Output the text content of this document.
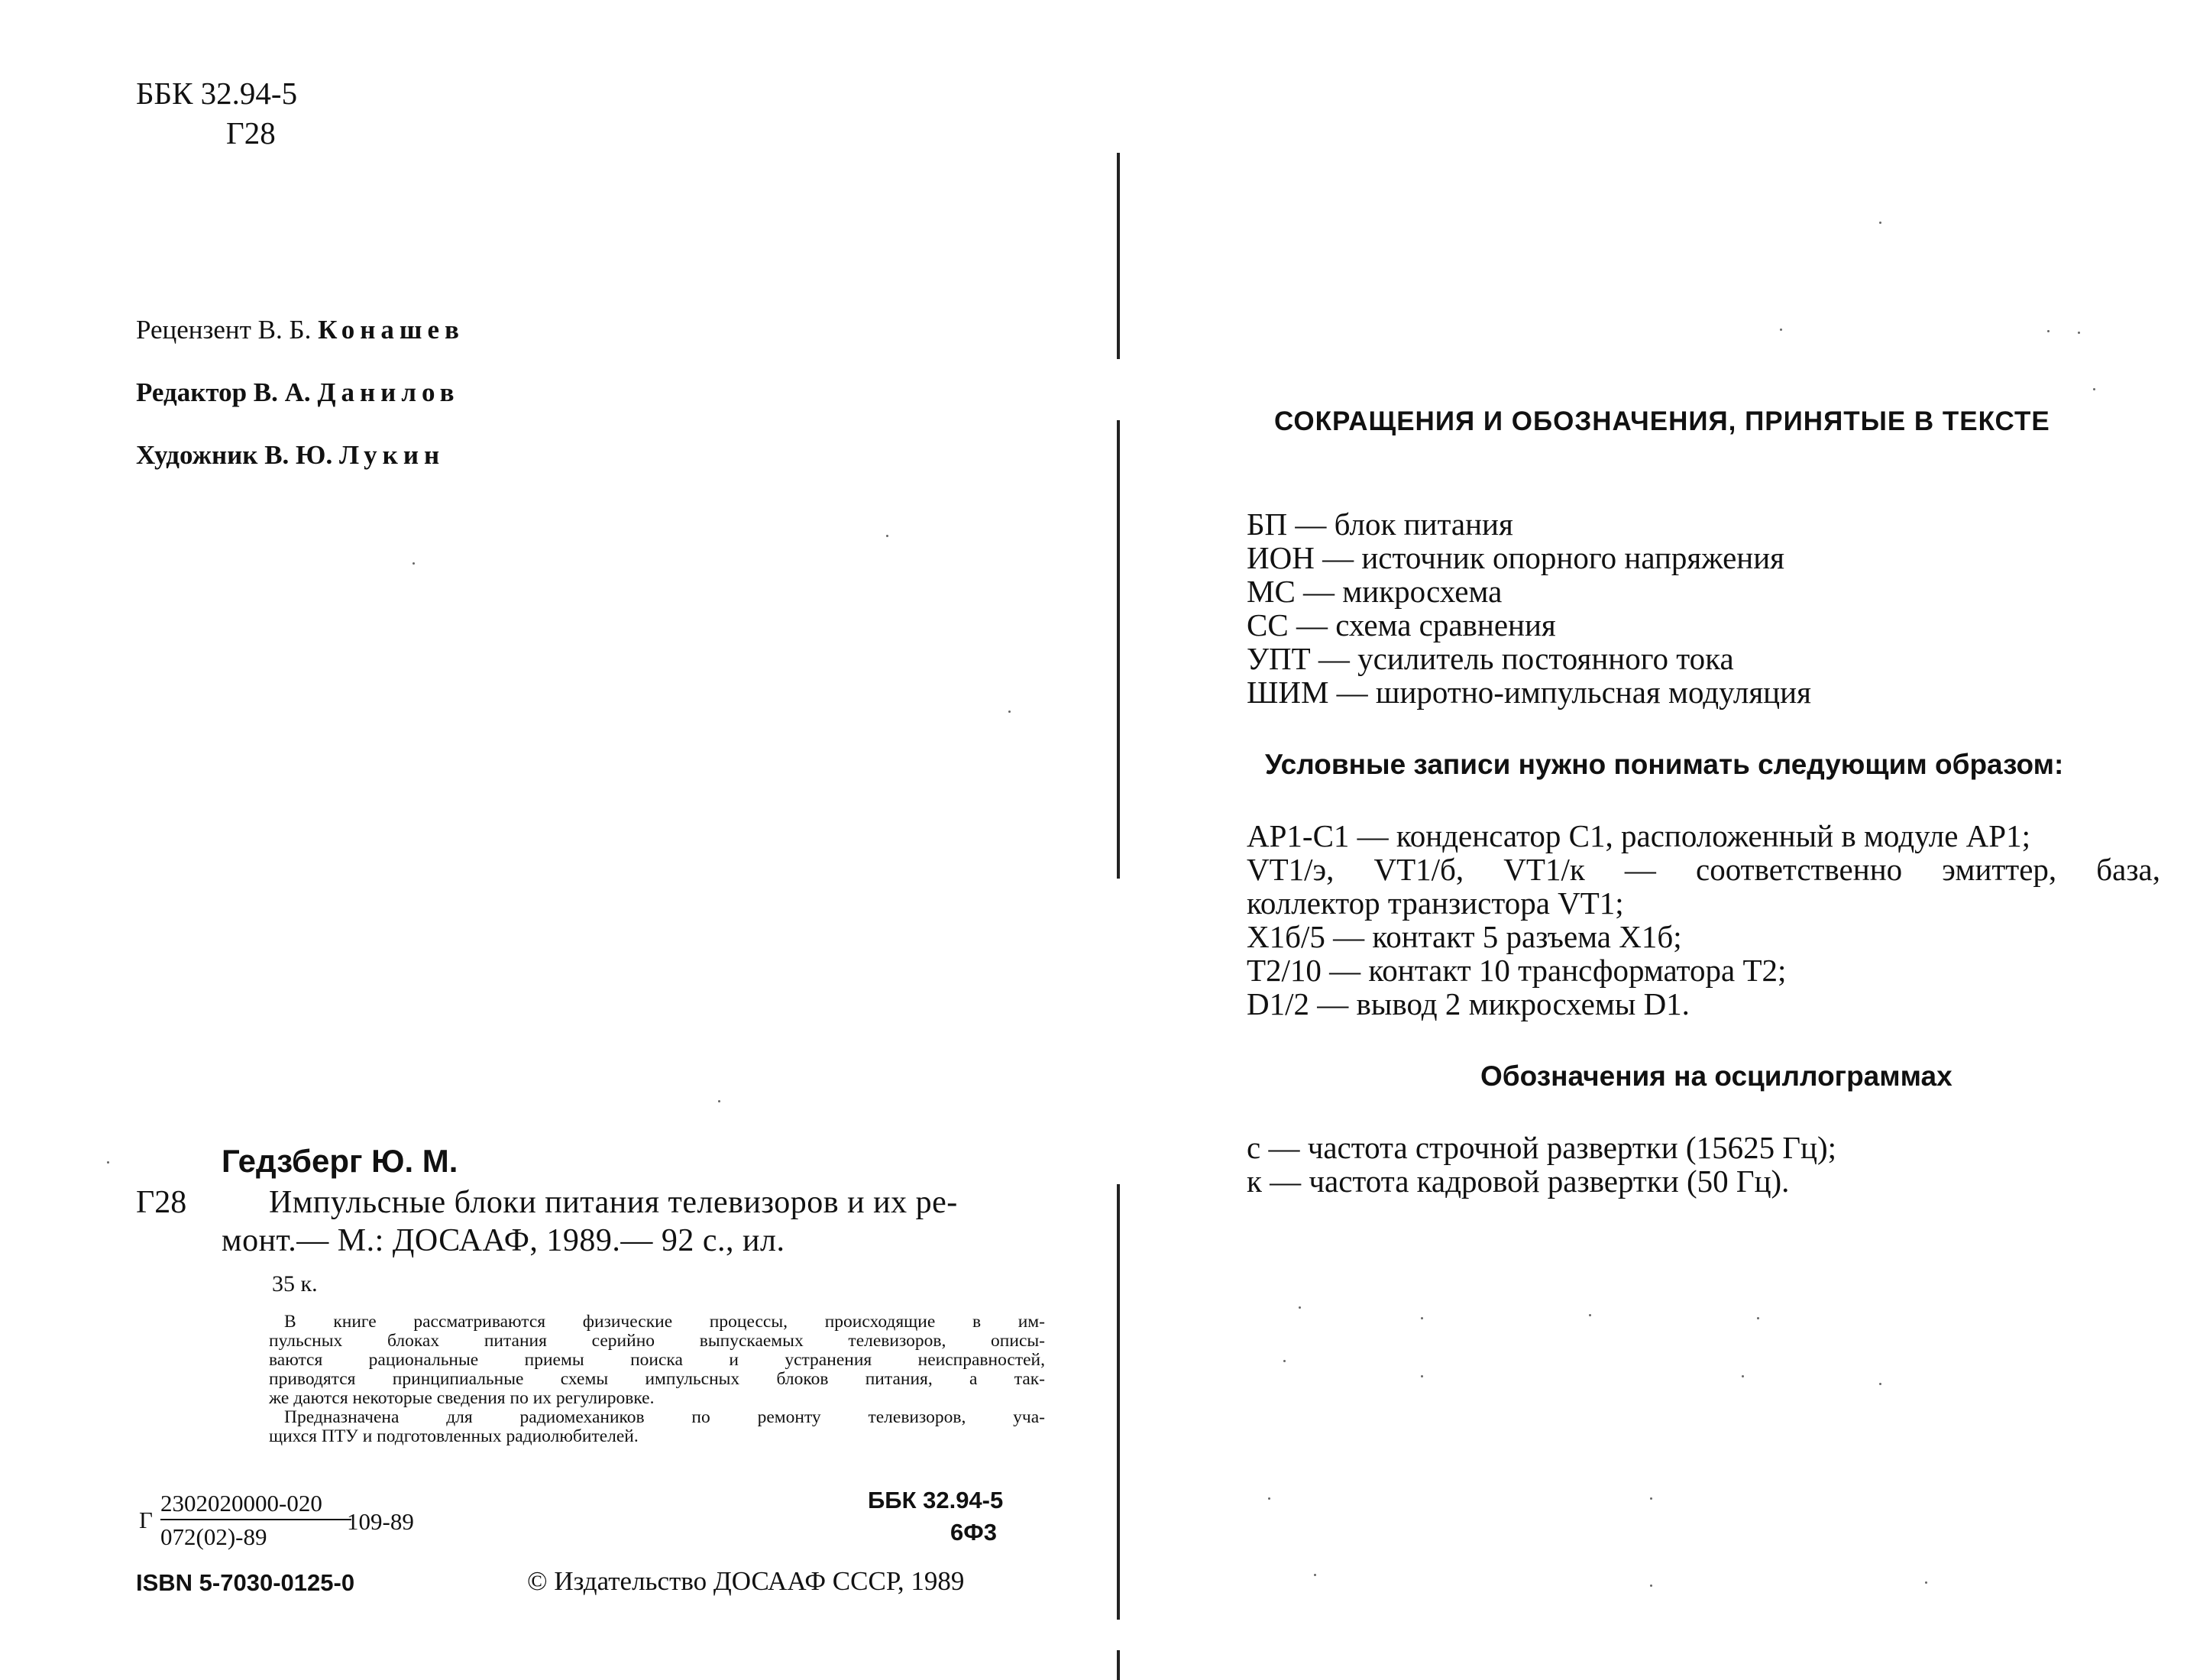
ББК 32.94-5
Г28
Рецензент В. Б. Конашев
Редактор В. А. Данилов
Художник В. Ю. Лукин
Гедзберг Ю. М.
Г28	Импульсные блоки питания телевизоров и их ре-
монт.— М.: ДОСААФ, 1989.— 92 с., ил.
35 к.
В книге рассматриваются физические процессы, происходящие в им-
пульсных блоках питания серийно выпускаемых телевизоров, описы-
ваются рациональные приемы поиска и устранения неисправностей,
приводятся принципиальные схемы импульсных блоков питания, а так-
же даются некоторые сведения по их регулировке.
Предназначена для радиомехаников по ремонту телевизоров, уча-
щихся ПТУ и подготовленных радиолюбителей.
Г
2302020000-020
072(02)-89
109-89
ББК 32.94-5
6Ф3
ISBN 5-7030-0125-0	© Издательство ДОСААФ СССР, 1989
СОКРАЩЕНИЯ И ОБОЗНАЧЕНИЯ, ПРИНЯТЫЕ В ТЕКСТЕ
БП — блок питания
ИОН — источник опорного напряжения
МС — микросхема
СС — схема сравнения
УПТ — усилитель постоянного тока
ШИМ — широтно-импульсная модуляция
Условные записи нужно понимать следующим образом:
АР1-С1 — конденсатор С1, расположенный в модуле АР1;
VT1/э, VT1/б, VT1/к — соответственно эмиттер, база,
коллектор транзистора VT1;
Х1б/5 — контакт 5 разъема Х1б;
Т2/10 — контакт 10 трансформатора Т2;
D1/2 — вывод 2 микросхемы D1.
Обозначения на осциллограммах
с — частота строчной развертки (15625 Гц);
к — частота кадровой развертки (50 Гц).
